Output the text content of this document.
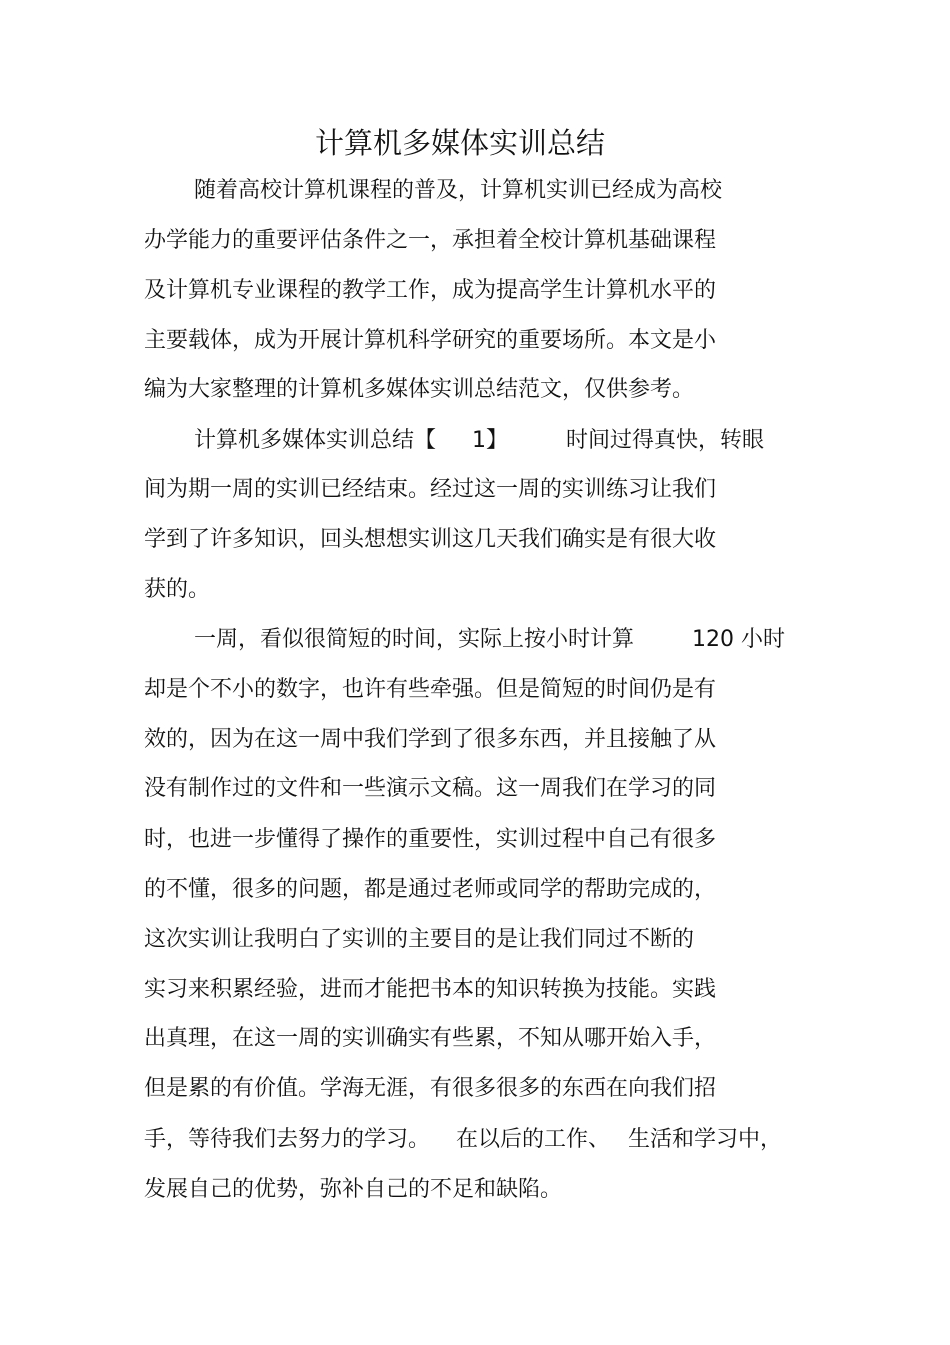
计算机多媒体实训总结
随着高校计算机课程的普及，计算机实训已经成为高校
办学能力的重要评估条件之一，承担着全校计算机基础课程
及计算机专业课程的教学工作，成为提高学生计算机水平的
主要载体，成为开展计算机科学研究的重要场所。本文是小
编为大家整理的计算机多媒体实训总结范文，仅供参考。
计算机多媒体实训总结【 1】	时间过得真快，转眼
间为期一周的实训已经结束。经过这一周的实训练习让我们
学到了许多知识，回头想想实训这几天我们确实是有很大收
获的。
一周，看似很简短的时间，实际上按小时计算	120 小时
却是个不小的数字，也许有些牵强。但是简短的时间仍是有
效的，因为在这一周中我们学到了很多东西，并且接触了从
没有制作过的文件和一些演示文稿。这一周我们在学习的同
时，也进一步懂得了操作的重要性，实训过程中自己有很多
的不懂，很多的问题，都是通过老师或同学的帮助完成的，
这次实训让我明白了实训的主要目的是让我们同过不断的
实习来积累经验，进而才能把书本的知识转换为技能。实践
出真理，在这一周的实训确实有些累，不知从哪开始入手，
但是累的有价值。学海无涯，有很多很多的东西在向我们招
手，等待我们去努力的学习。 在以后的工作、 生活和学习中，
发展自己的优势，弥补自己的不足和缺陷。
